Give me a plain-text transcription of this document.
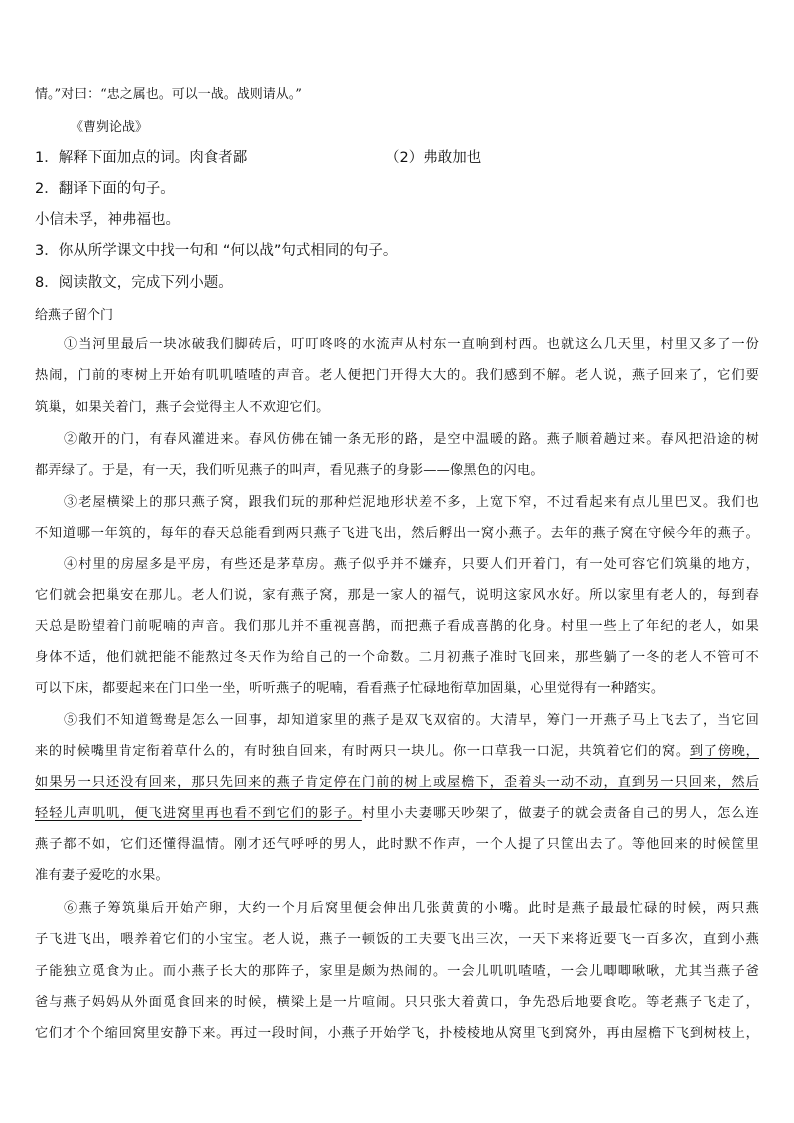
情。”对曰：“忠之属也。可以一战。战则请从。”
《曹刿论战》
1．解释下面加点的词。肉食者鄙	（2）弗敢加也
2．翻译下面的句子。
小信未孚，神弗福也。
3．你从所学课文中找一句和 “何以战”句式相同的句子。
8．阅读散文，完成下列小题。
给燕子留个门
①当河里最后一块冰破我们脚砖后，叮叮咚咚的水流声从村东一直响到村西。也就这么几天里，村里又多了一份
热闹，门前的枣树上开始有叽叽喳喳的声音。老人便把门开得大大的。我们感到不解。老人说，燕子回来了，它们要
筑巢，如果关着门，燕子会觉得主人不欢迎它们。
②敞开的门，有春风灌进来。春风仿佛在铺一条无形的路，是空中温暖的路。燕子顺着趟过来。春风把沿途的树
都弄绿了。于是，有一天，我们听见燕子的叫声，看见燕子的身影——像黑色的闪电。
③老屋横梁上的那只燕子窝，跟我们玩的那种烂泥地形状差不多，上宽下窄，不过看起来有点儿里巴叉。我们也
不知道哪一年筑的，每年的春天总能看到两只燕子飞进飞出，然后孵出一窝小燕子。去年的燕子窝在守候今年的燕子。
④村里的房屋多是平房，有些还是茅草房。燕子似乎并不嫌弃，只要人们开着门，有一处可容它们筑巢的地方，
它们就会把巢安在那儿。老人们说，家有燕子窝，那是一家人的福气，说明这家风水好。所以家里有老人的，每到春
天总是盼望着门前呢喃的声音。我们那儿并不重视喜鹊，而把燕子看成喜鹊的化身。村里一些上了年纪的老人，如果
身体不适，他们就把能不能熬过冬天作为给自己的一个命数。二月初燕子准时飞回来，那些躺了一冬的老人不管可不
可以下床，都要起来在门口坐一坐，听听燕子的呢喃，看看燕子忙碌地衔草加固巢，心里觉得有一种踏实。
⑤我们不知道鸳鸯是怎么一回事，却知道家里的燕子是双飞双宿的。大清早，筹门一开燕子马上飞去了，当它回
来的时候嘴里肯定衔着草什么的，有时独自回来，有时两只一块儿。你一口草我一口泥，共筑着它们的窝。到了傍晚，
如果另一只还没有回来，那只先回来的燕子肯定停在门前的树上或屋檐下，歪着头一动不动，直到另一只回来，然后
轻轻儿声叽叽，便飞进窝里再也看不到它们的影子。村里小夫妻哪天吵架了，做妻子的就会责备自己的男人，怎么连
燕子都不如，它们还懂得温情。刚才还气呼呼的男人，此时默不作声，一个人提了只筐出去了。等他回来的时候筐里
准有妻子爱吃的水果。
⑥燕子筹筑巢后开始产卵，大约一个月后窝里便会伸出几张黄黄的小嘴。此时是燕子最最忙碌的时候，两只燕
子飞进飞出，喂养着它们的小宝宝。老人说，燕子一顿饭的工夫要飞出三次，一天下来将近要飞一百多次，直到小燕
子能独立觅食为止。而小燕子长大的那阵子，家里是颇为热闹的。一会儿叽叽喳喳，一会儿唧唧啾啾，尤其当燕子爸
爸与燕子妈妈从外面觅食回来的时候，横梁上是一片喧闹。只只张大着黄口，争先恐后地要食吃。等老燕子飞走了，
它们才个个缩回窝里安静下来。再过一段时间，小燕子开始学飞，扑棱棱地从窝里飞到窝外，再由屋檐下飞到树枝上，
